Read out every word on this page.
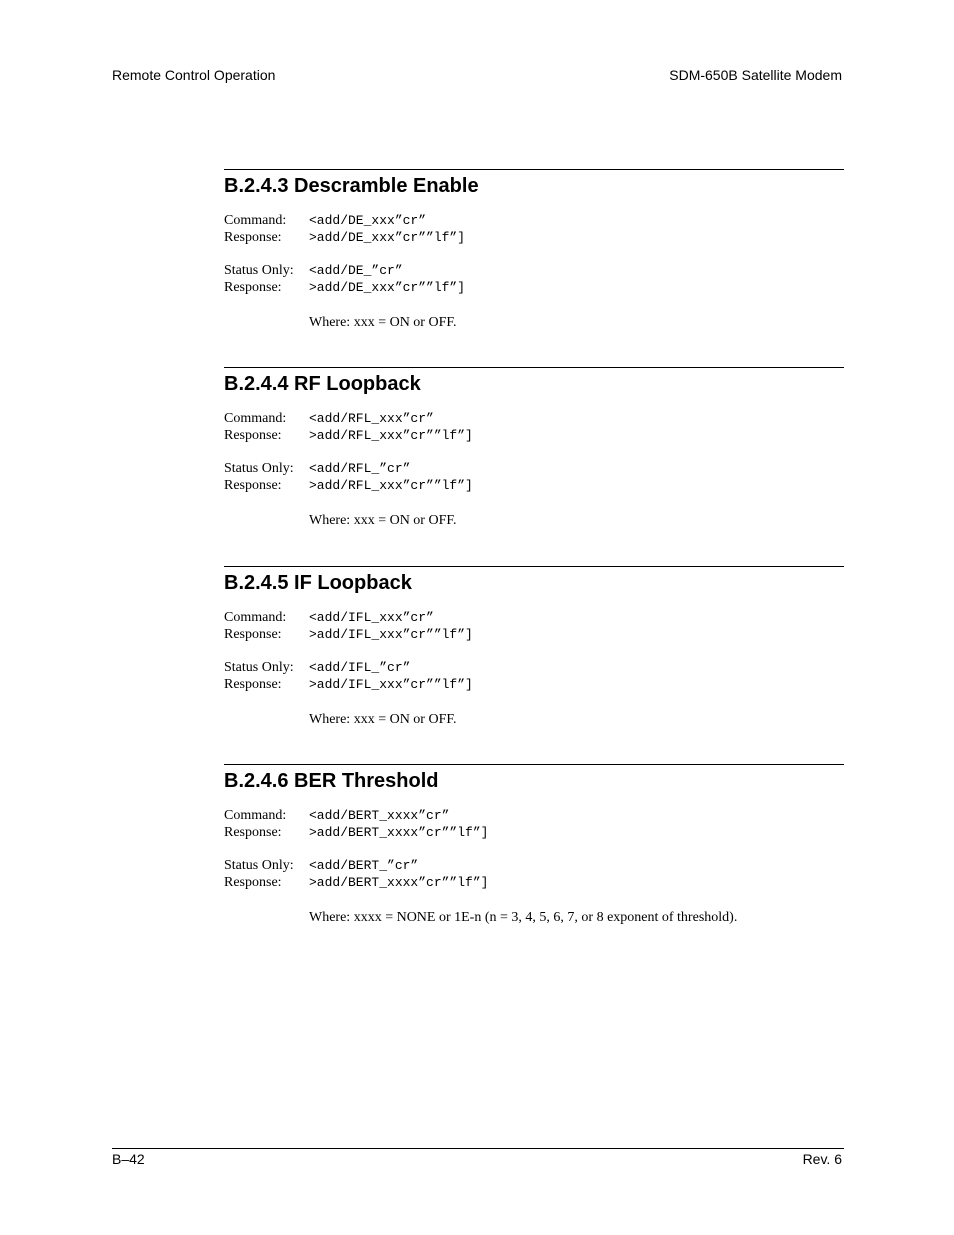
Remote Control Operation	SDM-650B Satellite Modem
B.2.4.3 Descramble Enable
Command:	<add/DE_xxx”cr”
Response:	>add/DE_xxx”cr””lf”]
Status Only:	<add/DE_”cr”
Response:	>add/DE_xxx”cr””lf”]
Where: xxx = ON or OFF.
B.2.4.4 RF Loopback
Command:	<add/RFL_xxx”cr”
Response:	>add/RFL_xxx”cr””lf”]
Status Only:	<add/RFL_”cr”
Response:	>add/RFL_xxx”cr””lf”]
Where: xxx = ON or OFF.
B.2.4.5 IF Loopback
Command:	<add/IFL_xxx”cr”
Response:	>add/IFL_xxx”cr””lf”]
Status Only:	<add/IFL_”cr”
Response:	>add/IFL_xxx”cr””lf”]
Where: xxx = ON or OFF.
B.2.4.6 BER Threshold
Command:	<add/BERT_xxxx”cr”
Response:	>add/BERT_xxxx”cr””lf”]
Status Only:	<add/BERT_”cr”
Response:	>add/BERT_xxxx”cr””lf”]
Where: xxxx = NONE or 1E-n (n = 3, 4, 5, 6, 7, or 8 exponent of threshold).
B–42	Rev. 6
